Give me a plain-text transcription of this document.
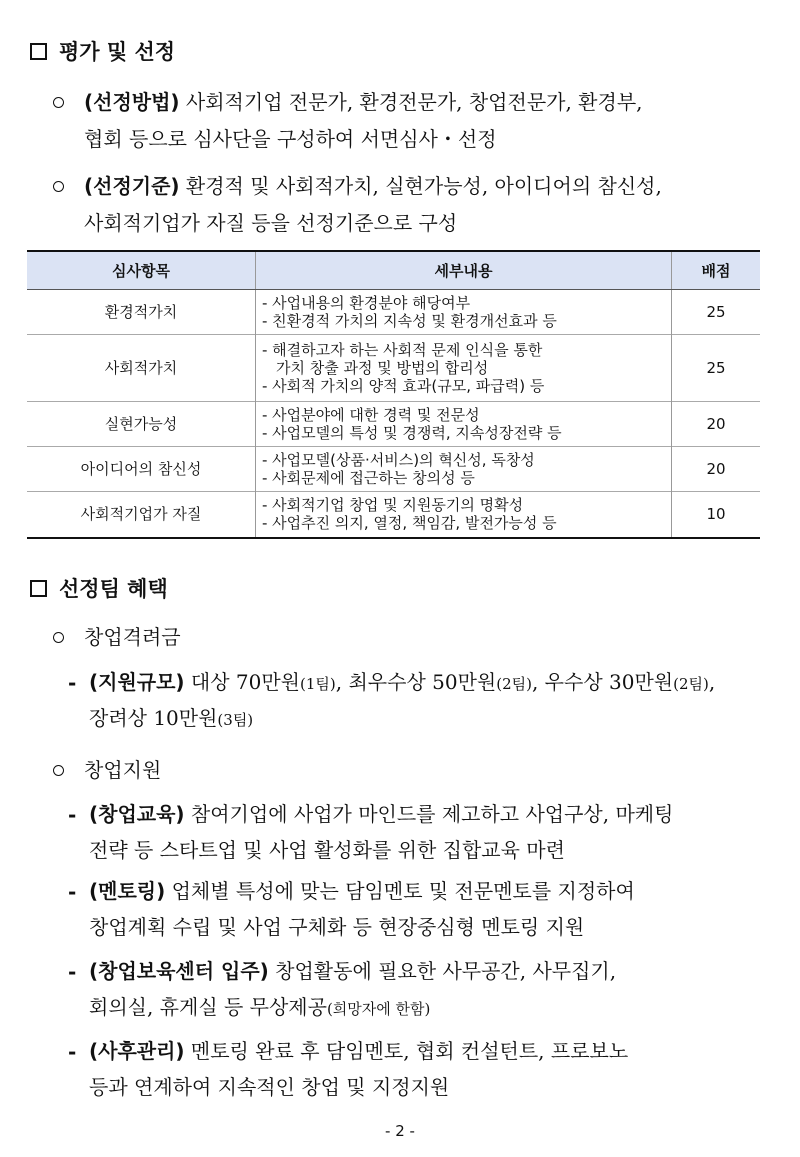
평가 및 선정
(선정방법) 사회적기업 전문가, 환경전문가, 창업전문가, 환경부,
협회 등으로 심사단을 구성하여 서면심사・선정
(선정기준) 환경적 및 사회적가치, 실현가능성, 아이디어의 참신성,
사회적기업가 자질 등을 선정기준으로 구성
심사항목	세부내용	배점
환경적가치	- 사업내용의 환경분야 해당여부
- 친환경적 가치의 지속성 및 환경개선효과 등	25
사회적가치	- 해결하고자 하는 사회적 문제 인식을 통한
가치 창출 과정 및 방법의 합리성
- 사회적 가치의 양적 효과(규모, 파급력) 등	25
실현가능성	- 사업분야에 대한 경력 및 전문성
- 사업모델의 특성 및 경쟁력, 지속성장전략 등	20
아이디어의 참신성	- 사업모델(상품·서비스)의 혁신성, 독창성
- 사회문제에 접근하는 창의성 등	20
사회적기업가 자질	- 사회적기업 창업 및 지원동기의 명확성
- 사업추진 의지, 열정, 책임감, 발전가능성 등	10
선정팀 혜택
창업격려금
- (지원규모) 대상 70만원(1팀), 최우수상 50만원(2팀), 우수상 30만원(2팀),
장려상 10만원(3팀)
창업지원
- (창업교육) 참여기업에 사업가 마인드를 제고하고 사업구상, 마케팅
전략 등 스타트업 및 사업 활성화를 위한 집합교육 마련
- (멘토링) 업체별 특성에 맞는 담임멘토 및 전문멘토를 지정하여
창업계획 수립 및 사업 구체화 등 현장중심형 멘토링 지원
- (창업보육센터 입주) 창업활동에 필요한 사무공간, 사무집기,
회의실, 휴게실 등 무상제공(희망자에 한함)
- (사후관리) 멘토링 완료 후 담임멘토, 협회 컨설턴트, 프로보노
등과 연계하여 지속적인 창업 및 지정지원
- 2 -
